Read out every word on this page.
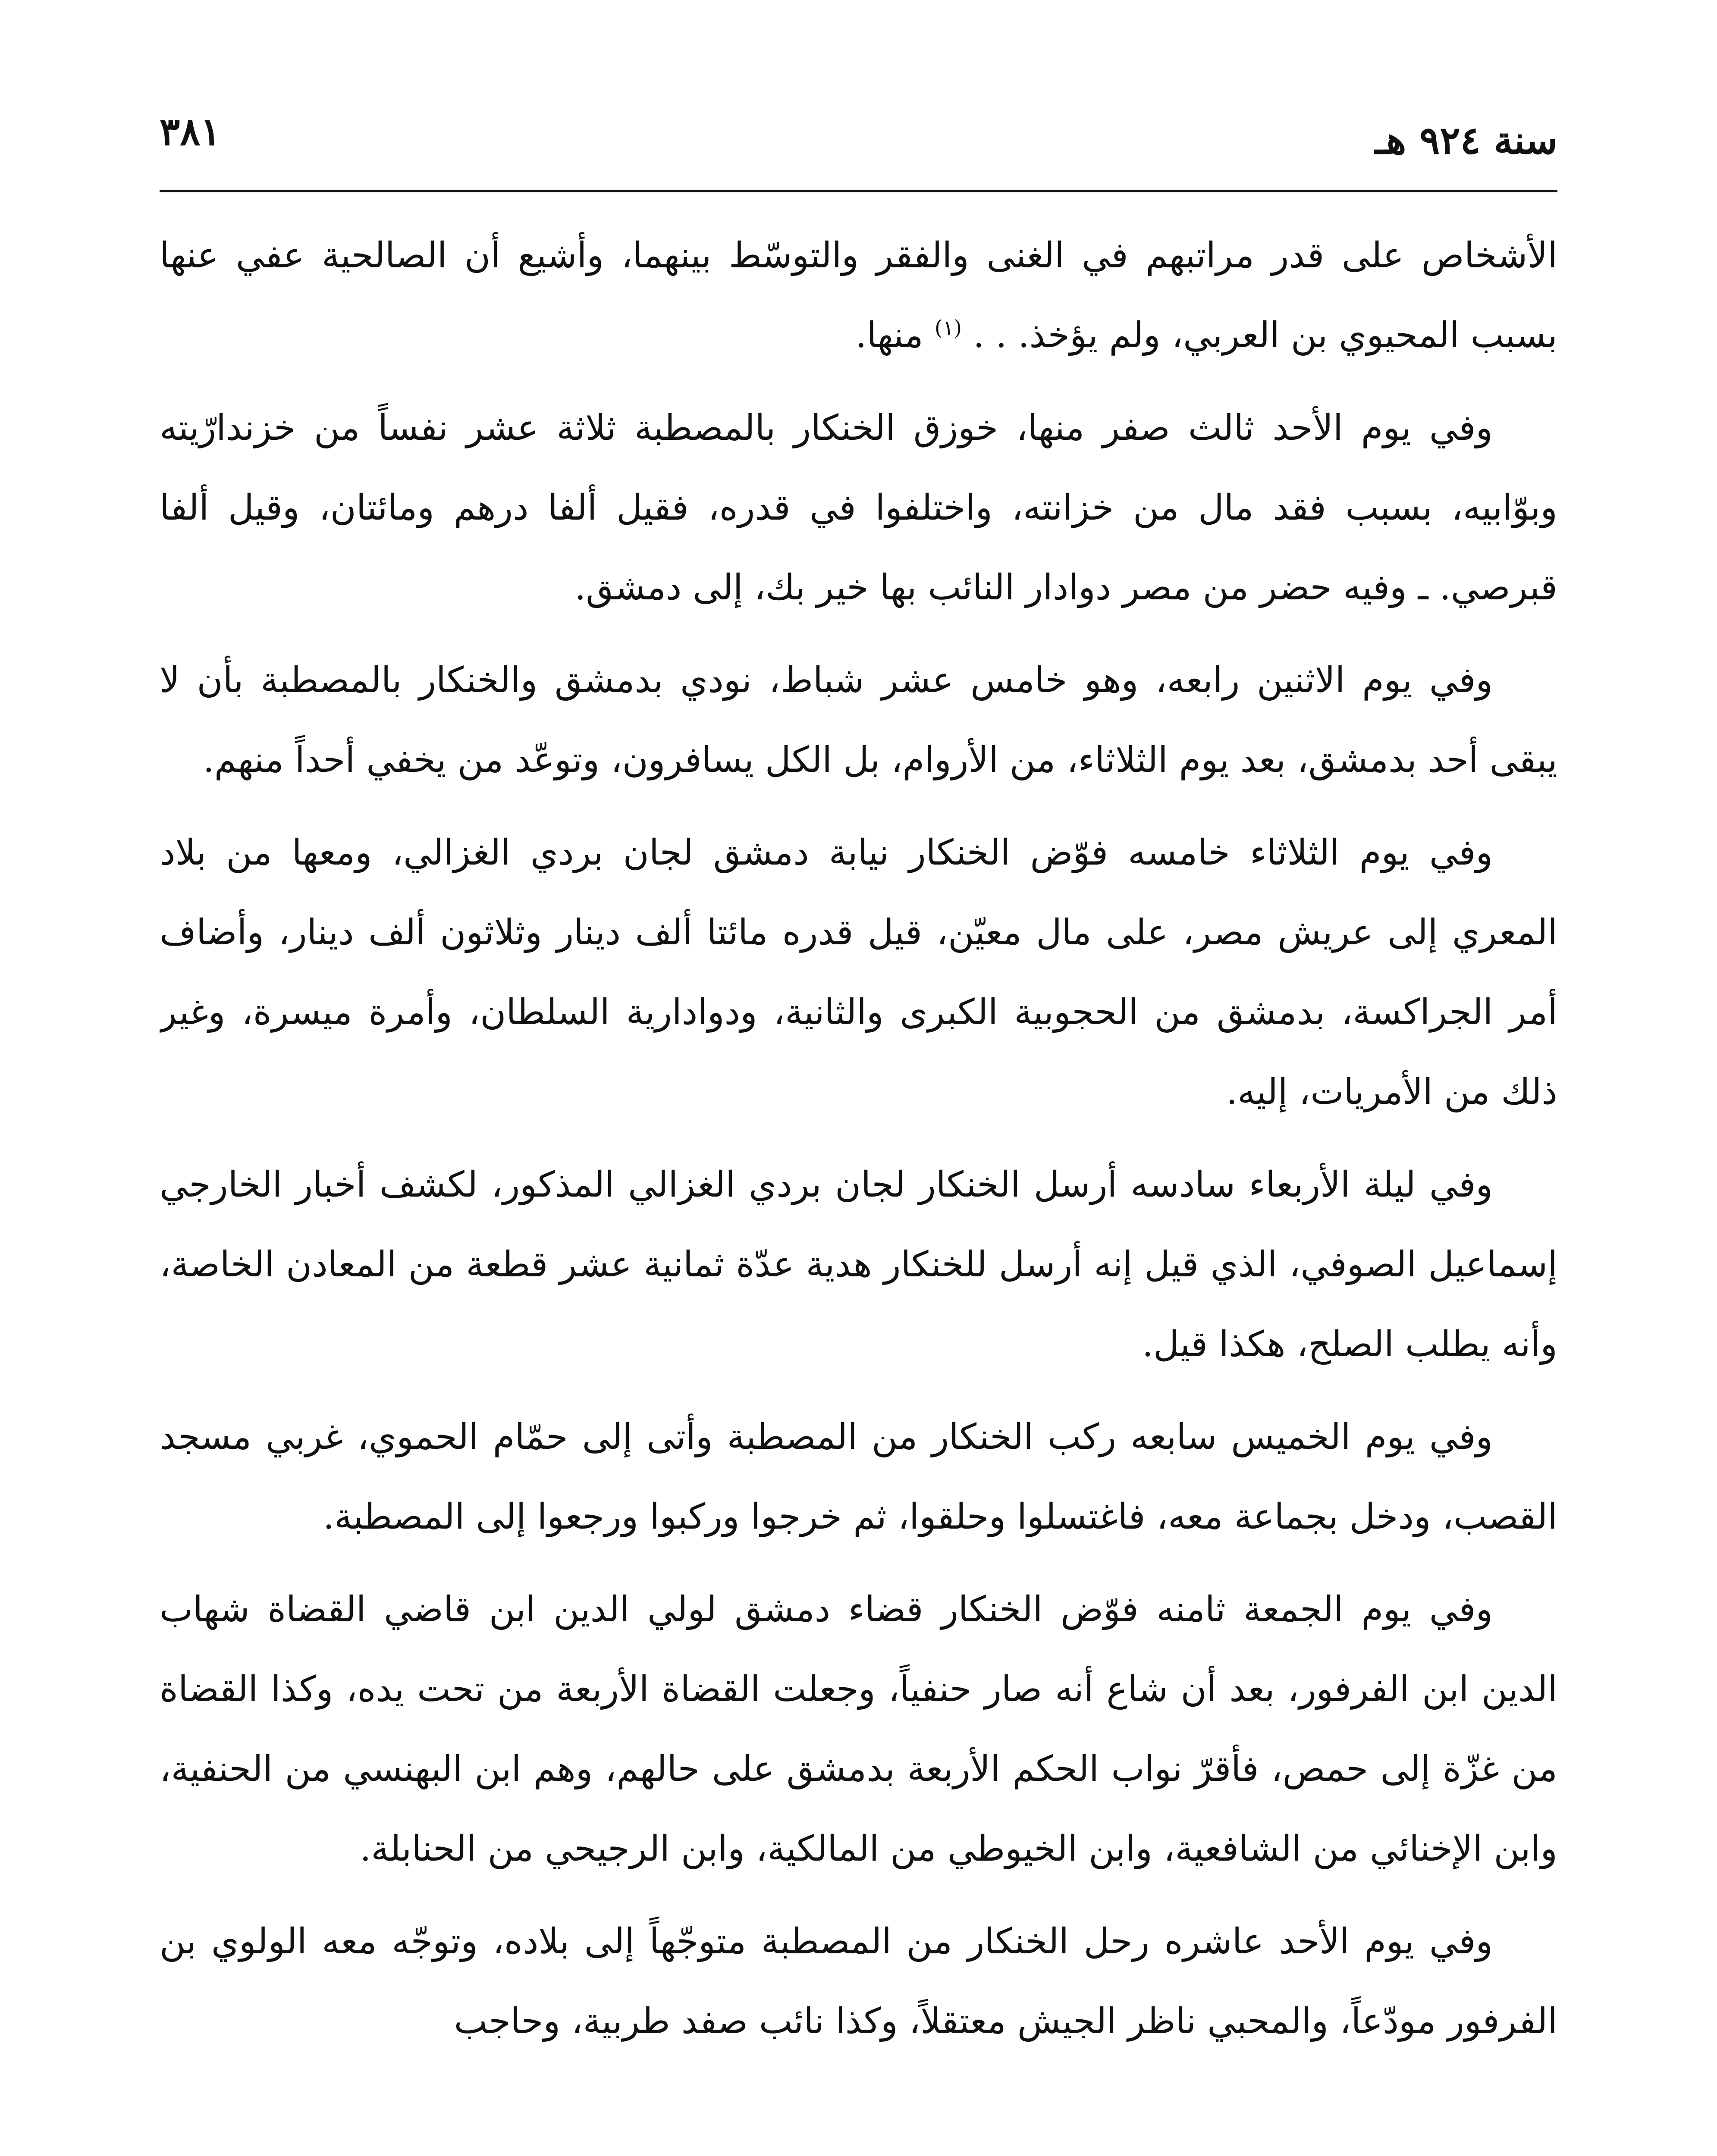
سنة ٩٢٤ هـ
٣٨١

الأشخاص على قدر مراتبهم في الغنى والفقر والتوسّط بينهما، وأشيع أن الصالحية عفي عنها بسبب المحيوي بن العربي، ولم يؤخذ. . . $^{(١)}$ منها.

وفي يوم الأحد ثالث صفر منها، خوزق الخنكار بالمصطبة ثلاثة عشر نفساً من خزندارّيته وبوّابيه، بسبب فقد مال من خزانته، واختلفوا في قدره، فقيل ألفا درهم ومائتان، وقيل ألفا قبرصي. ـ وفيه حضر من مصر دوادار النائب بها خير بك، إلى دمشق.

وفي يوم الاثنين رابعه، وهو خامس عشر شباط، نودي بدمشق والخنكار بالمصطبة بأن لا يبقى أحد بدمشق، بعد يوم الثلاثاء، من الأروام، بل الكل يسافرون، وتوعّد من يخفي أحداً منهم.

وفي يوم الثلاثاء خامسه فوّض الخنكار نيابة دمشق لجان بردي الغزالي، ومعها من بلاد المعري إلى عريش مصر، على مال معيّن، قيل قدره مائتا ألف دينار وثلاثون ألف دينار، وأضاف أمر الجراكسة، بدمشق من الحجوبية الكبرى والثانية، ودوادارية السلطان، وأمرة ميسرة، وغير ذلك من الأمريات، إليه.

وفي ليلة الأربعاء سادسه أرسل الخنكار لجان بردي الغزالي المذكور، لكشف أخبار الخارجي إسماعيل الصوفي، الذي قيل إنه أرسل للخنكار هدية عدّة ثمانية عشر قطعة من المعادن الخاصة، وأنه يطلب الصلح، هكذا قيل.

وفي يوم الخميس سابعه ركب الخنكار من المصطبة وأتى إلى حمّام الحموي، غربي مسجد القصب، ودخل بجماعة معه، فاغتسلوا وحلقوا، ثم خرجوا وركبوا ورجعوا إلى المصطبة.

وفي يوم الجمعة ثامنه فوّض الخنكار قضاء دمشق لولي الدين ابن قاضي القضاة شهاب الدين ابن الفرفور، بعد أن شاع أنه صار حنفياً، وجعلت القضاة الأربعة من تحت يده، وكذا القضاة من غزّة إلى حمص، فأقرّ نواب الحكم الأربعة بدمشق على حالهم، وهم ابن البهنسي من الحنفية، وابن الإخنائي من الشافعية، وابن الخيوطي من المالكية، وابن الرجيحي من الحنابلة.

وفي يوم الأحد عاشره رحل الخنكار من المصطبة متوجّهاً إلى بلاده، وتوجّه معه الولوي بن الفرفور مودّعاً، والمحبي ناظر الجيش معتقلاً، وكذا نائب صفد طربية، وحاجب
